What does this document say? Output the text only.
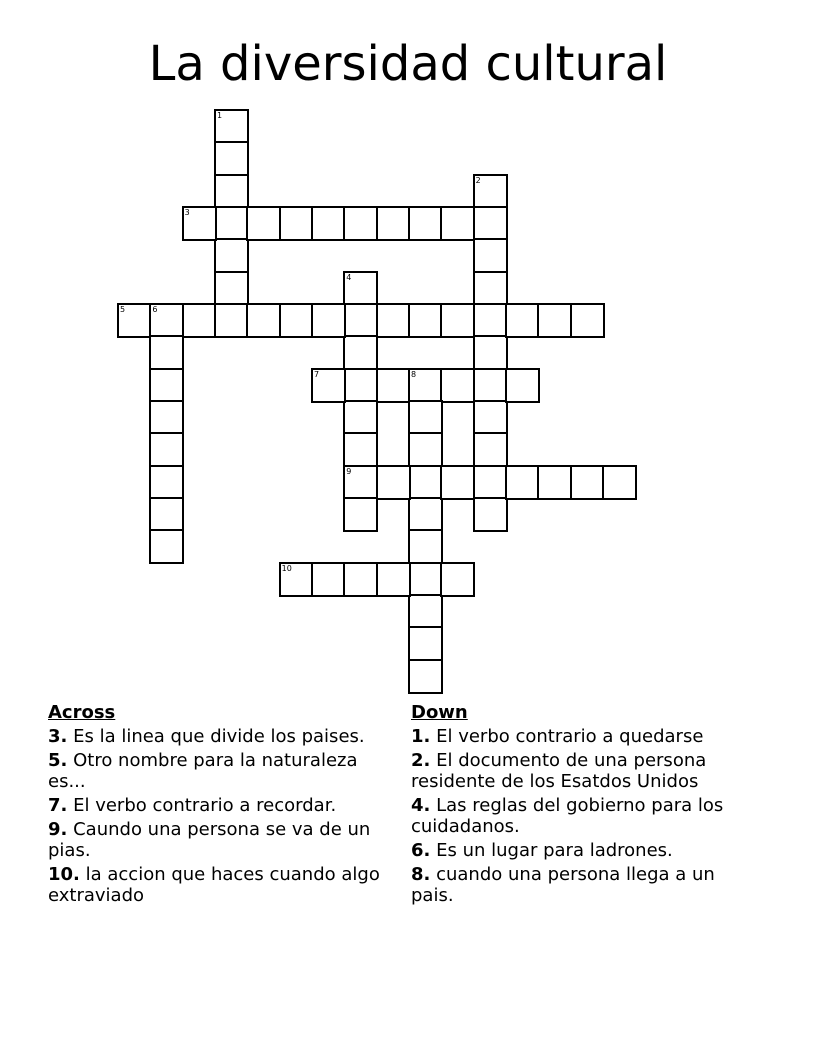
La diversidad cultural
1
2
3
4
9
5	6
7	8
10
Across
3. Es la linea que divide los paises.
5. Otro nombre para la naturaleza es...
7. El verbo contrario a recordar.
9. Caundo una persona se va de un pias.
10. la accion que haces cuando algo extraviado
Down
1. El verbo contrario a quedarse
2. El documento de una persona residente de los Esatdos Unidos
4. Las reglas del gobierno para los cuidadanos.
6. Es un lugar para ladrones.
8. cuando una persona llega a un pais.
